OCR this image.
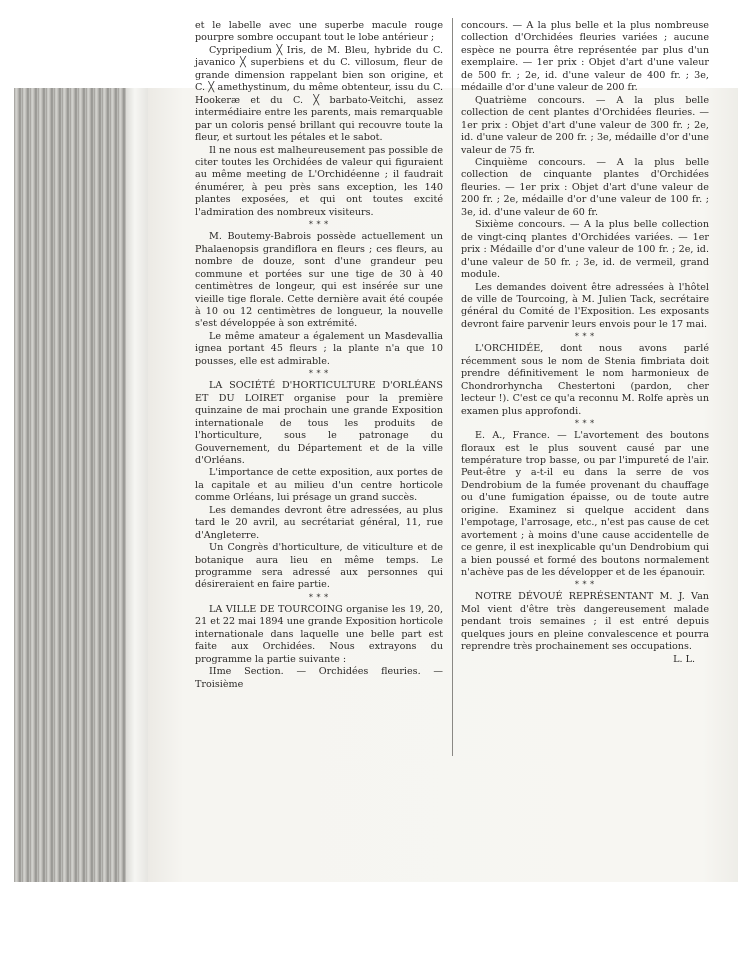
et le labelle avec une superbe macule rouge pourpre sombre occupant tout le lobe antérieur ;

Cypripedium ╳ Iris, de M. Bleu, hybride du C. javanico ╳ superbiens et du C. villosum, fleur de grande dimension rappelant bien son origine, et C. ╳ amethystinum, du même obtenteur, issu du C. Hookeræ et du C. ╳ barbato-Veitchi, assez intermédiaire entre les parents, mais remarquable par un coloris pensé brillant qui recouvre toute la fleur, et surtout les pétales et le sabot.

Il ne nous est malheureusement pas possible de citer toutes les Orchidées de valeur qui figuraient au même meeting de L'Orchidéenne ; il faudrait énumérer, à peu près sans exception, les 140 plantes exposées, et qui ont toutes excité l'admiration des nombreux visiteurs.

* * *

M. Boutemy-Babrois possède actuellement un Phalaenopsis grandiflora en fleurs ; ces fleurs, au nombre de douze, sont d'une grandeur peu commune et portées sur une tige de 30 à 40 centimètres de longeur, qui est insérée sur une vieille tige florale. Cette dernière avait été coupée à 10 ou 12 centimètres de longueur, la nouvelle s'est développée à son extrémité.

Le même amateur a également un Masdevallia ignea portant 45 fleurs ; la plante n'a que 10 pousses, elle est admirable.

* * *

LA SOCIÉTÉ D'HORTICULTURE D'ORLÉANS ET DU LOIRET organise pour la première quinzaine de mai prochain une grande Exposition internationale de tous les produits de l'horticulture, sous le patronage du Gouvernement, du Département et de la ville d'Orléans.

L'importance de cette exposition, aux portes de la capitale et au milieu d'un centre horticole comme Orléans, lui présage un grand succès.

Les demandes devront être adressées, au plus tard le 20 avril, au secrétariat général, 11, rue d'Angleterre.

Un Congrès d'horticulture, de viticulture et de botanique aura lieu en même temps. Le programme sera adressé aux personnes qui désireraient en faire partie.

* * *

LA VILLE DE TOURCOING organise les 19, 20, 21 et 22 mai 1894 une grande Exposition horticole internationale dans laquelle une belle part est faite aux Orchidées. Nous extrayons du programme la partie suivante :

IIme Section. — Orchidées fleuries. — Troisième

concours. — A la plus belle et la plus nombreuse collection d'Orchidées fleuries variées ; aucune espèce ne pourra être représentée par plus d'un exemplaire. — 1er prix : Objet d'art d'une valeur de 500 fr. ; 2e, id. d'une valeur de 400 fr. ; 3e, médaille d'or d'une valeur de 200 fr.

Quatrième concours. — A la plus belle collection de cent plantes d'Orchidées fleuries. — 1er prix : Objet d'art d'une valeur de 300 fr. ; 2e, id. d'une valeur de 200 fr. ; 3e, médaille d'or d'une valeur de 75 fr.

Cinquième concours. — A la plus belle collection de cinquante plantes d'Orchidées fleuries. — 1er prix : Objet d'art d'une valeur de 200 fr. ; 2e, médaille d'or d'une valeur de 100 fr. ; 3e, id. d'une valeur de 60 fr.

Sixième concours. — A la plus belle collection de vingt-cinq plantes d'Orchidées variées. — 1er prix : Médaille d'or d'une valeur de 100 fr. ; 2e, id. d'une valeur de 50 fr. ; 3e, id. de vermeil, grand module.

Les demandes doivent être adressées à l'hôtel de ville de Tourcoing, à M. Julien Tack, secrétaire général du Comité de l'Exposition. Les exposants devront faire parvenir leurs envois pour le 17 mai.

* * *

L'ORCHIDÉE, dont nous avons parlé récemment sous le nom de Stenia fimbriata doit prendre définitivement le nom harmonieux de Chondrorhyncha Chestertoni (pardon, cher lecteur !). C'est ce qu'a reconnu M. Rolfe après un examen plus approfondi.

* * *

E. A., France. — L'avortement des boutons floraux est le plus souvent causé par une température trop basse, ou par l'impureté de l'air. Peut-être y a-t-il eu dans la serre de vos Dendrobium de la fumée provenant du chauffage ou d'une fumigation épaisse, ou de toute autre origine. Examinez si quelque accident dans l'empotage, l'arrosage, etc., n'est pas cause de cet avortement ; à moins d'une cause accidentelle de ce genre, il est inexplicable qu'un Dendrobium qui a bien poussé et formé des boutons normalement n'achève pas de les développer et de les épanouir.

* * *

NOTRE DÉVOUÉ REPRÉSENTANT M. J. Van Mol vient d'être très dangereusement malade pendant trois semaines ; il est entré depuis quelques jours en pleine convalescence et pourra reprendre très prochainement ses occupations.

L. L.
